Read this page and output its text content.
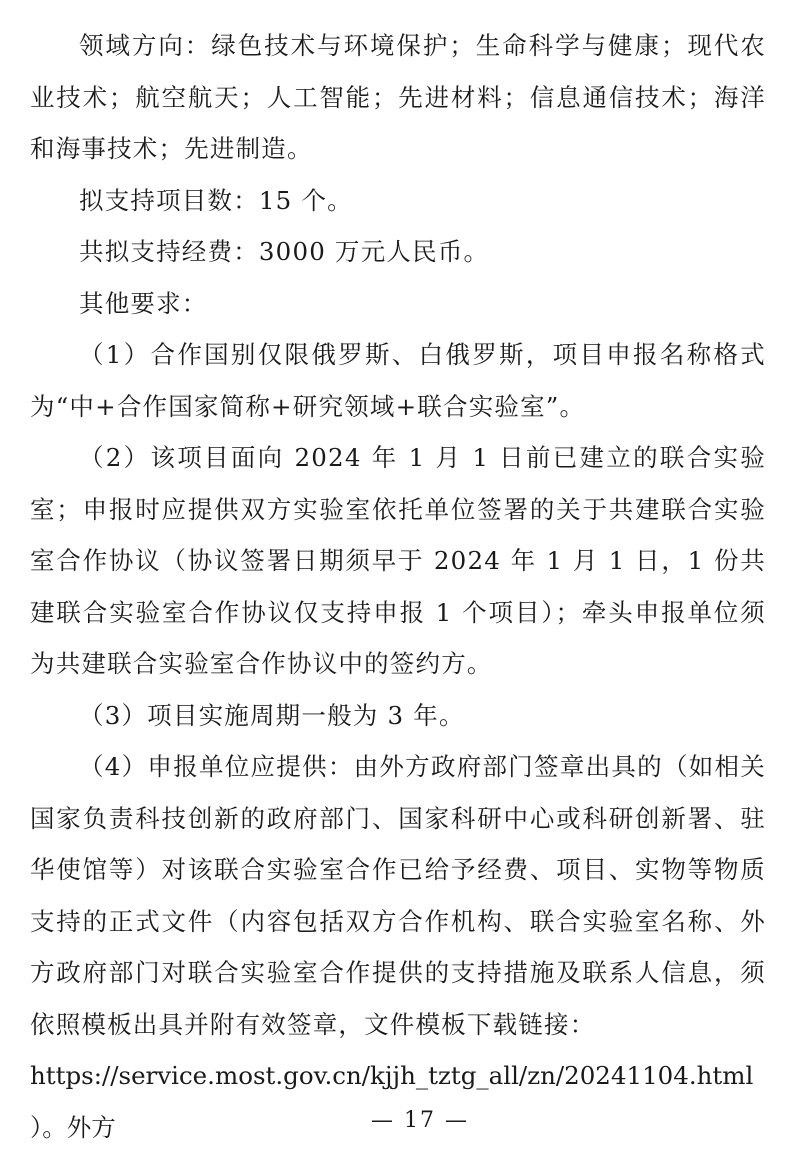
领域方向：绿色技术与环境保护；生命科学与健康；现代农业技术；航空航天；人工智能；先进材料；信息通信技术；海洋和海事技术；先进制造。

拟支持项目数：15 个。

共拟支持经费：3000 万元人民币。

其他要求：

（1）合作国别仅限俄罗斯、白俄罗斯，项目申报名称格式为“中+合作国家简称+研究领域+联合实验室”。

（2）该项目面向 2024 年 1 月 1 日前已建立的联合实验室；申报时应提供双方实验室依托单位签署的关于共建联合实验室合作协议（协议签署日期须早于 2024 年 1 月 1 日，1 份共建联合实验室合作协议仅支持申报 1 个项目）；牵头申报单位须为共建联合实验室合作协议中的签约方。

（3）项目实施周期一般为 3 年。

（4）申报单位应提供：由外方政府部门签章出具的（如相关国家负责科技创新的政府部门、国家科研中心或科研创新署、驻华使馆等）对该联合实验室合作已给予经费、项目、实物等物质支持的正式文件（内容包括双方合作机构、联合实验室名称、外方政府部门对联合实验室合作提供的支持措施及联系人信息，须依照模板出具并附有效签章，文件模板下载链接：

https://service.most.gov.cn/kjjh_tztg_all/zn/20241104.html ）。外方	— 17 —
